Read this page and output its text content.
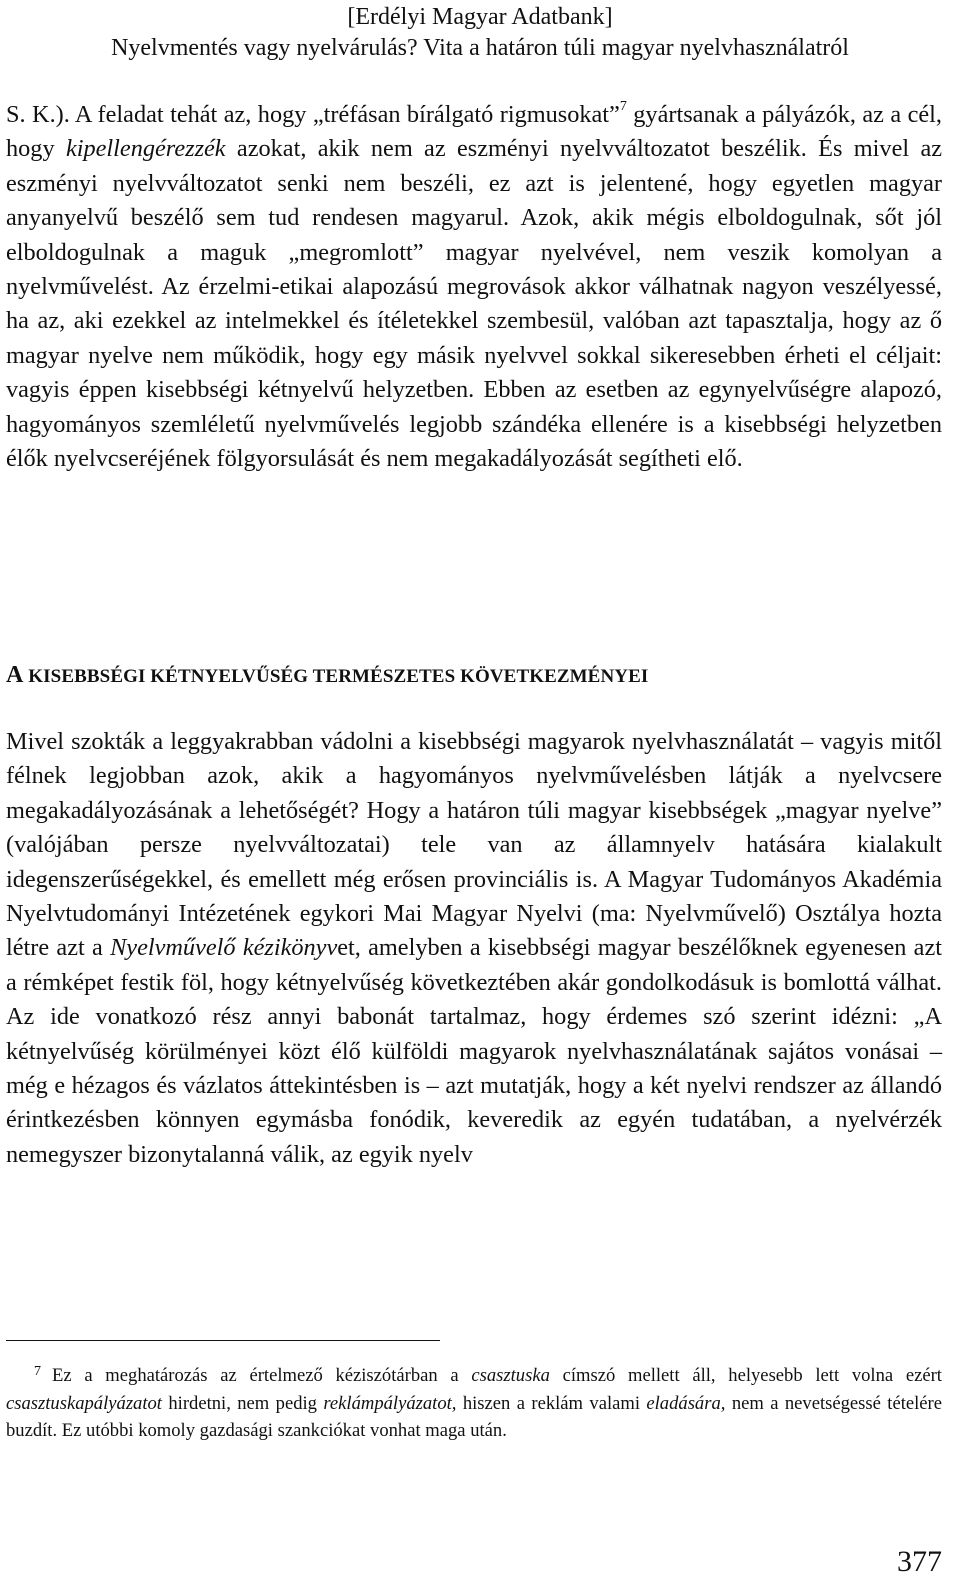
[Erdélyi Magyar Adatbank]
Nyelvmentés vagy nyelvárulás? Vita a határon túli magyar nyelvhasználatról

S. K.). A feladat tehát az, hogy „tréfásan bírálgató rigmusokat”$^7$ gyártsanak a pályázók, az a cél, hogy kipellengérezzék azokat, akik nem az eszményi nyelvváltozatot beszélik. És mivel az eszményi nyelvváltozatot senki nem beszéli, ez azt is jelentené, hogy egyetlen magyar anyanyelvű beszélő sem tud rendesen magyarul. Azok, akik mégis elboldogulnak, sőt jól elboldogulnak a maguk „megromlott” magyar nyelvével, nem veszik komolyan a nyelvművelést. Az érzelmi-etikai alapozású megrovások akkor válhatnak nagyon veszélyessé, ha az, aki ezekkel az intelmekkel és ítéletekkel szembesül, valóban azt tapasztalja, hogy az ő magyar nyelve nem működik, hogy egy másik nyelvvel sokkal sikeresebben érheti el céljait: vagyis éppen kisebbségi kétnyelvű helyzetben. Ebben az esetben az egynyelvűségre alapozó, hagyományos szemléletű nyelvművelés legjobb szándéka ellenére is a kisebbségi helyzetben élők nyelvcseréjének fölgyorsulását és nem megakadályozását segítheti elő.

A KISEBBSÉGI KÉTNYELVŰSÉG TERMÉSZETES KÖVETKEZMÉNYEI

Mivel szokták a leggyakrabban vádolni a kisebbségi magyarok nyelvhasználatát – vagyis mitől félnek legjobban azok, akik a hagyományos nyelvművelésben látják a nyelvcsere megakadályozásának a lehetőségét? Hogy a határon túli magyar kisebbségek „magyar nyelve” (valójában persze nyelvváltozatai) tele van az államnyelv hatására kialakult idegenszerűségekkel, és emellett még erősen provinciális is. A Magyar Tudományos Akadémia Nyelvtudományi Intézetének egykori Mai Magyar Nyelvi (ma: Nyelvművelő) Osztálya hozta létre azt a Nyelvművelő kézikönyvet, amelyben a kisebbségi magyar beszélőknek egyenesen azt a rémképet festik föl, hogy kétnyelvűség következtében akár gondolkodásuk is bomlottá válhat. Az ide vonatkozó rész annyi babonát tartalmaz, hogy érdemes szó szerint idézni: „A kétnyelvűség körülményei közt élő külföldi magyarok nyelvhasználatának sajátos vonásai – még e hézagos és vázlatos áttekintésben is – azt mutatják, hogy a két nyelvi rendszer az állandó érintkezésben könnyen egymásba fonódik, keveredik az egyén tudatában, a nyelvérzék nemegyszer bizonytalanná válik, az egyik nyelv

7 Ez a meghatározás az értelmező kéziszótárban a csasztuska címszó mellett áll, helyesebb lett volna ezért csasztuskapályázatot hirdetni, nem pedig reklámpályázatot, hiszen a reklám valami eladására, nem a nevetségessé tételére buzdít. Ez utóbbi komoly gazdasági szankciókat vonhat maga után.

377
